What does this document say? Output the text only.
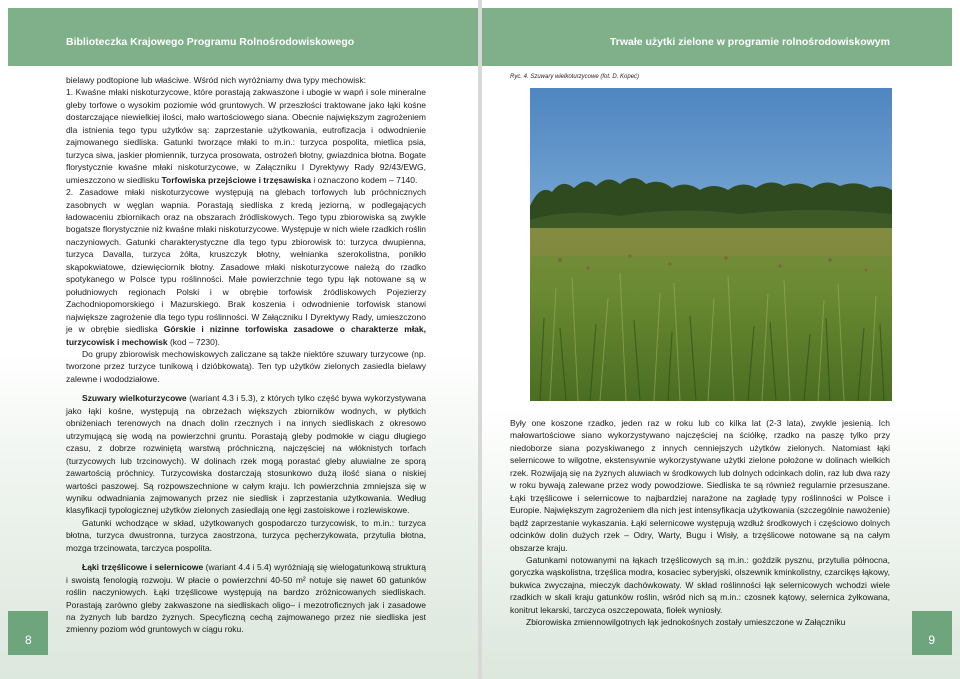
Biblioteczka Krajowego Programu Rolnośrodowiskowego

bielawy podtopione lub właściwe. Wśród nich wyróżniamy dwa typy mechowisk:

1. Kwaśne młaki niskoturzycowe, które porastają zakwaszone i ubogie w wapń i sole mineralne gleby torfowe o wysokim poziomie wód gruntowych. W przeszłości traktowane jako łąki kośne dostarczające niewielkiej ilości, mało wartościowego siana. Obecnie największym zagrożeniem dla istnienia tego typu użytków są: zaprzestanie użytkowania, eutrofizacja i odwodnienie zajmowanego siedliska. Gatunki tworzące młaki to m.in.: turzyca pospolita, mietlica psia, turzyca siwa, jaskier płomiennik, turzyca prosowata, ostrożeń błotny, gwiazdnica błotna. Bogate florystycznie kwaśne młaki niskoturzycowe, w Załączniku I Dyrektywy Rady 92/43/EWG, umieszczono w siedlisku Torfowiska przejściowe i trzęsawiska i oznaczono kodem – 7140.

2. Zasadowe młaki niskoturzycowe występują na glebach torfowych lub próchnicznych zasobnych w węglan wapnia. Porastają siedliska z kredą jeziorną, w podlegających ładowaceniu zbiornikach oraz na obszarach źródliskowych. Tego typu zbiorowiska są zwykle bogatsze florystycznie niż kwaśne młaki niskoturzycowe. Występuje w nich wiele rzadkich roślin naczyniowych. Gatunki charakterystyczne dla tego typu zbiorowisk to: turzyca dwupienna, turzyca Davalla, turzyca żółta, kruszczyk błotny, wełnianka szerokolistna, ponikło skąpokwiatowe, dziewięciornik błotny. Zasadowe młaki niskoturzycowe należą do rzadko spotykanego w Polsce typu roślinności. Małe powierzchnie tego typu łąk notowane są w południowych regionach Polski i w obrębie torfowisk źródliskowych Pojezierzy Zachodniopomorskiego i Mazurskiego. Brak koszenia i odwodnienie torfowisk stanowi największe zagrożenie dla tego typu roślinności. W Załączniku I Dyrektywy Rady, umieszczono je w obrębie siedliska Górskie i nizinne torfowiska zasadowe o charakterze młak, turzycowisk i mechowisk (kod – 7230).

Do grupy zbiorowisk mechowiskowych zaliczane są także niektóre szuwary turzycowe (np. tworzone przez turzyce tunikową i dzióbkowatą). Ten typ użytków zielonych zasiedla bielawy zalewne i wododziałowe.

Szuwary wielkoturzycowe (wariant 4.3 i 5.3), z których tylko część bywa wykorzystywana jako łąki kośne, występują na obrzeżach większych zbiorników wodnych, w płytkich obniżeniach terenowych na dnach dolin rzecznych i na innych siedliskach z okresowo utrzymującą się wodą na powierzchni gruntu. Porastają gleby podmokłe w ciągu długiego czasu, z dobrze rozwiniętą warstwą próchniczną, najczęściej na włóknistych torfach (turzycowych lub trzcinowych). W dolinach rzek mogą porastać gleby aluwialne ze sporą zawartością próchnicy. Turzycowiska dostarczają stosunkowo dużą ilość siana o niskiej wartości paszowej. Są rozpowszechnione w całym kraju. Ich powierzchnia zmniejsza się w wyniku odwadniania zajmowanych przez nie siedlisk i zaprzestania użytkowania. Według klasyfikacji typologicznej użytków zielonych zasiedlają one łęgi zastoiskowe i rozlewiskowe.

Gatunki wchodzące w skład, użytkowanych gospodarczo turzycowisk, to m.in.: turzyca błotna, turzyca dwustronna, turzyca zaostrzona, turzyca pęcherzykowata, przytulia błotna, mozga trzcinowata, tarczyca pospolita.

Łąki trzęślicowe i selernicowe (wariant 4.4 i 5.4) wyróżniają się wielogatunkową strukturą i swoistą fenologią rozwoju. W płacie o powierzchni 40-50 m² notuje się nawet 60 gatunków roślin naczyniowych. Łąki trzęślicowe występują na bardzo zróżnicowanych siedliskach. Porastają zarówno gleby zakwaszone na siedliskach oligo– i mezotroficznych jak i zasadowe na żyznych lub bardzo żyznych. Specyficzną cechą zajmowanego przez nie siedliska jest zmienny poziom wód gruntowych w ciągu roku.

8
Trwałe użytki zielone w programie rolnośrodowiskowym
Ryc. 4. Szuwary wielkoturzycowe (fot. D. Kopeć)

Były one koszone rzadko, jeden raz w roku lub co kilka lat (2-3 lata), zwykle jesienią. Ich małowartościowe siano wykorzystywano najczęściej na ściółkę, rzadko na paszę tylko przy niedoborze siana pozyskiwanego z innych cenniejszych użytków zielonych. Natomiast łąki selernicowe to wilgotne, ekstensywnie wykorzystywane użytki zielone położone w dolinach wielkich rzek. Rozwijają się na żyznych aluwiach w środkowych lub dolnych odcinkach dolin, raz lub dwa razy w roku bywają zalewane przez wody powodziowe. Siedliska te są również regularnie przesuszane. Łąki trzęślicowe i selernicowe to najbardziej narażone na zagładę typy roślinności w Polsce i Europie. Największym zagrożeniem dla nich jest intensyfikacja użytkowania (szczególnie nawożenie) bądź zaprzestanie wykaszania. Łąki selernicowe występują wzdłuż środkowych i częściowo dolnych odcinków dolin dużych rzek – Odry, Warty, Bugu i Wisły, a trzęślicowe notowane są na całym obszarze kraju.

Gatunkami notowanymi na łąkach trzęślicowych są m.in.: goździk pysznu, przytulia północna, goryczka wąskolistna, trzęślica modra, kosaciec syberyjski, olszewnik kminkolistny, czarcikęs łąkowy, bukwica zwyczajna, mieczyk dachówkowaty. W skład roślinności łąk selernicowych wchodzi wiele rzadkich w skali kraju gatunków roślin, wśród nich są m.in.: czosnek kątowy, selernica żyłkowana, konitrut lekarski, tarczyca oszczepowata, fiołek wyniosły.

Zbiorowiska zmiennowilgotnych łąk jednokośnych zostały umieszczone w Załączniku

9
